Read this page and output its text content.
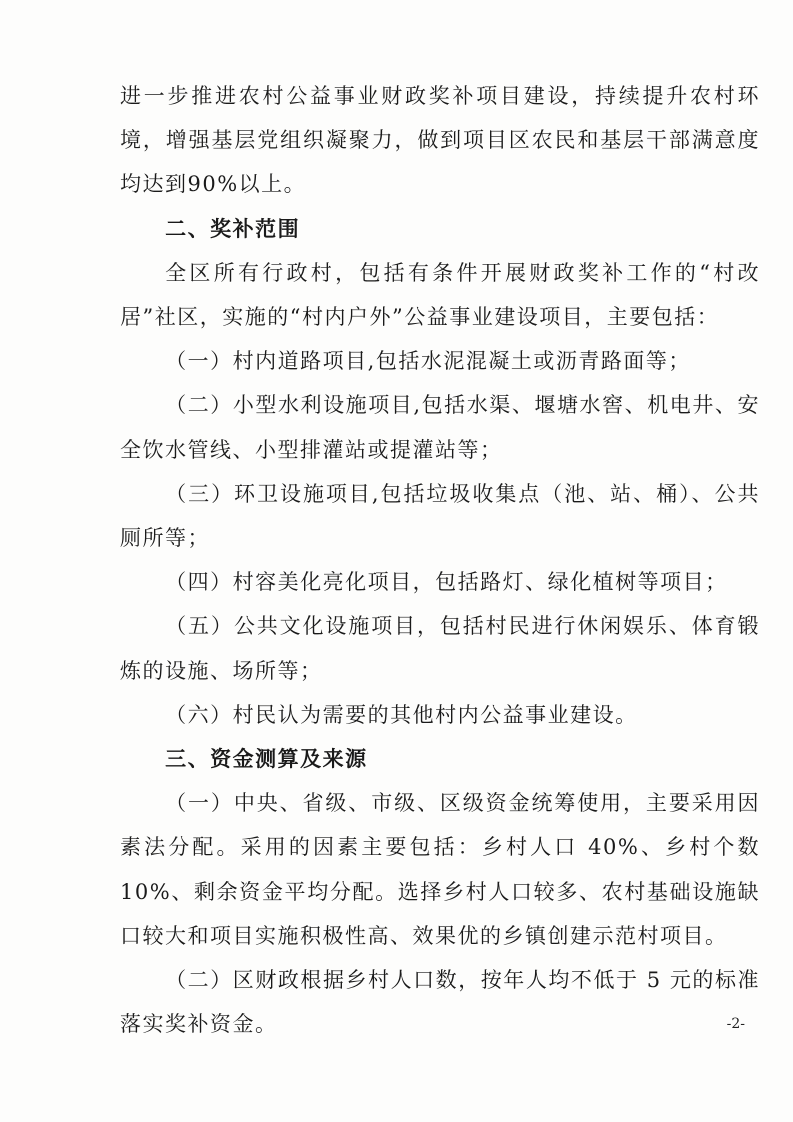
进一步推进农村公益事业财政奖补项目建设，持续提升农村环境，增强基层党组织凝聚力，做到项目区农民和基层干部满意度均达到90%以上。

二、奖补范围

全区所有行政村，包括有条件开展财政奖补工作的“村改居”社区，实施的“村内户外”公益事业建设项目，主要包括：

（一）村内道路项目,包括水泥混凝土或沥青路面等；

（二）小型水利设施项目,包括水渠、堰塘水窖、机电井、安全饮水管线、小型排灌站或提灌站等；

（三）环卫设施项目,包括垃圾收集点（池、站、桶）、公共厕所等；

（四）村容美化亮化项目，包括路灯、绿化植树等项目；

（五）公共文化设施项目，包括村民进行休闲娱乐、体育锻炼的设施、场所等；

（六）村民认为需要的其他村内公益事业建设。

三、资金测算及来源

（一）中央、省级、市级、区级资金统筹使用，主要采用因素法分配。采用的因素主要包括：乡村人口 40%、乡村个数10%、剩余资金平均分配。选择乡村人口较多、农村基础设施缺口较大和项目实施积极性高、效果优的乡镇创建示范村项目。

（二）区财政根据乡村人口数，按年人均不低于 5 元的标准落实奖补资金。	-2-
